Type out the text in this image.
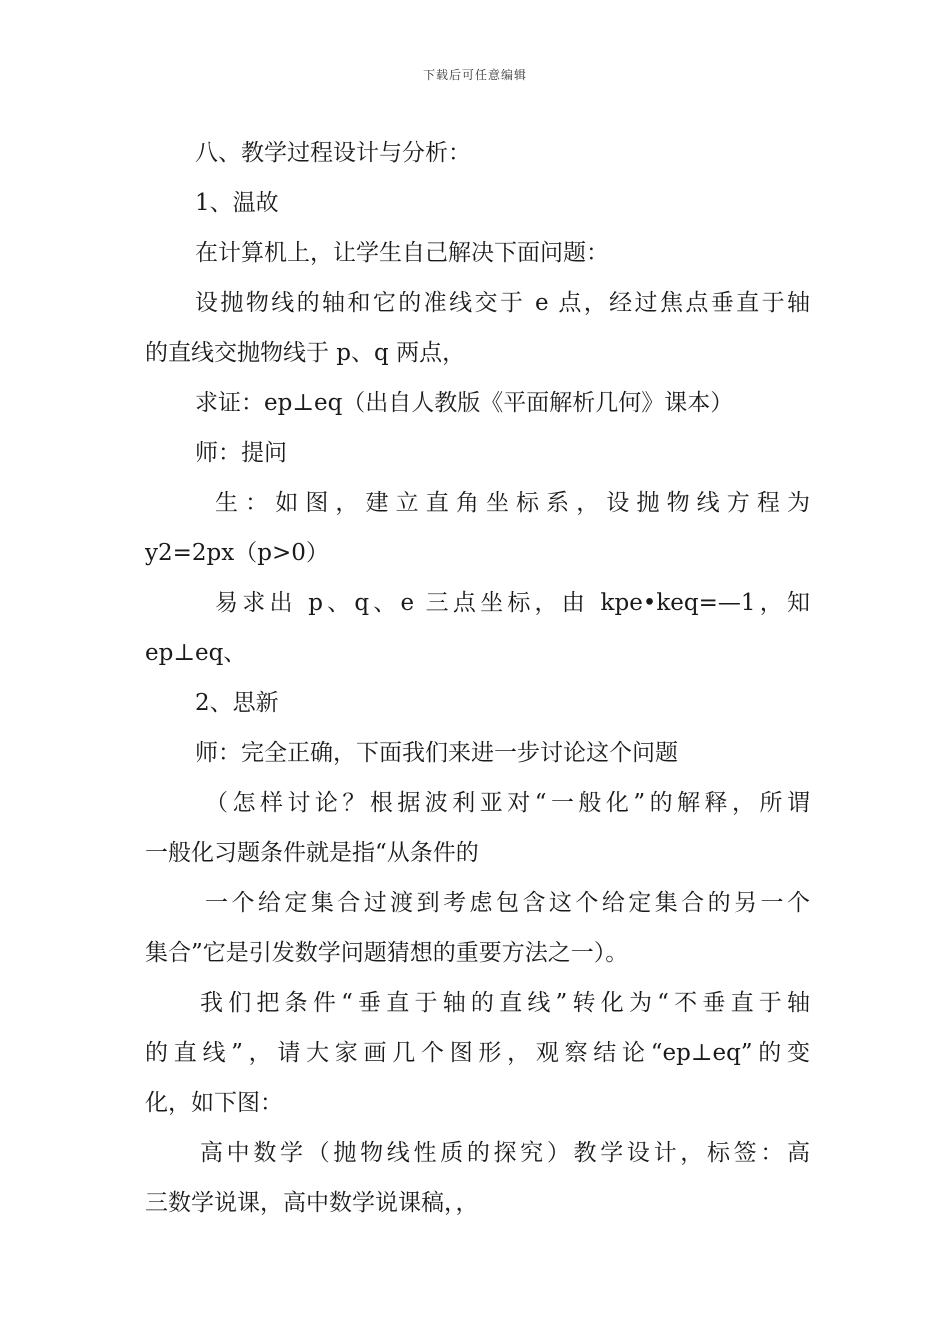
下载后可任意编辑
八、教学过程设计与分析：
1、温故
在计算机上，让学生自己解决下面问题：
设抛物线的轴和它的准线交于 e 点，经过焦点垂直于轴
的直线交抛物线于 p、q 两点，
求证：ep⊥eq（出自人教版《平面解析几何》课本）
师：提问
生：如图，建立直角坐标系，设抛物线方程为
y2=2px（p>0）
易求出 p、q、e 三点坐标，由 kpe•keq=—1，知
ep⊥eq、
2、思新
师：完全正确，下面我们来进一步讨论这个问题
（怎样讨论？根据波利亚对“一般化”的解释，所谓
一般化习题条件就是指“从条件的
一个给定集合过渡到考虑包含这个给定集合的另一个
集合”它是引发数学问题猜想的重要方法之一）。
我们把条件“垂直于轴的直线”转化为“不垂直于轴
的直线”，请大家画几个图形，观察结论“ep⊥eq”的变
化，如下图：
高中数学（抛物线性质的探究）教学设计，标签：高
三数学说课，高中数学说课稿，，
